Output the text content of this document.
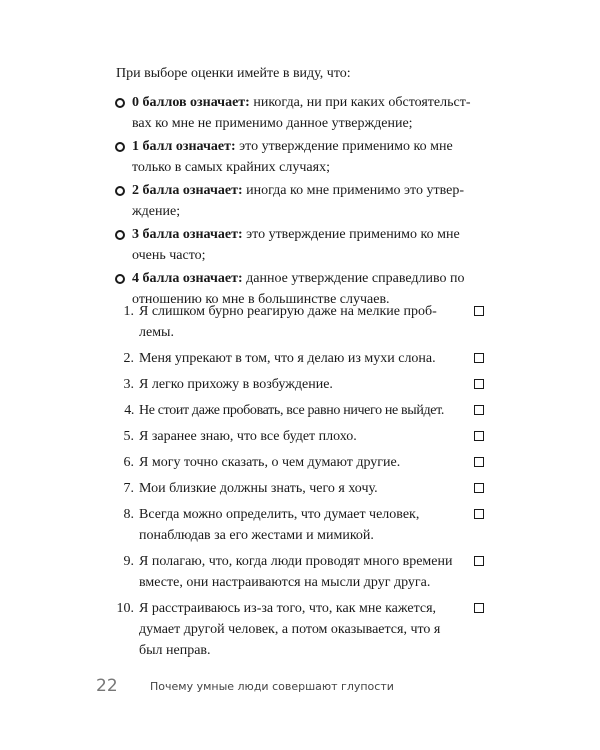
При выборе оценки имейте в виду, что:
0 баллов означает: никогда, ни при каких обстоятельст-
вах ко мне не применимо данное утверждение;
1 балл означает: это утверждение применимо ко мне
только в самых крайних случаях;
2 балла означает: иногда ко мне применимо это утвер-
ждение;
3 балла означает: это утверждение применимо ко мне
очень часто;
4 балла означает: данное утверждение справедливо по
отношению ко мне в большинстве случаев.
1. Я слишком бурно реагирую даже на мелкие проб-
лемы.
2. Меня упрекают в том, что я делаю из мухи слона.
3. Я легко прихожу в возбуждение.
4. Не стоит даже пробовать, все равно ничего не выйдет.
5. Я заранее знаю, что все будет плохо.
6. Я могу точно сказать, о чем думают другие.
7. Мои близкие должны знать, чего я хочу.
8. Всегда можно определить, что думает человек,
понаблюдав за его жестами и мимикой.
9. Я полагаю, что, когда люди проводят много времени
вместе, они настраиваются на мысли друг друга.
10. Я расстраиваюсь из-за того, что, как мне кажется,
думает другой человек, а потом оказывается, что я
был неправ.
22	Почему умные люди совершают глупости
